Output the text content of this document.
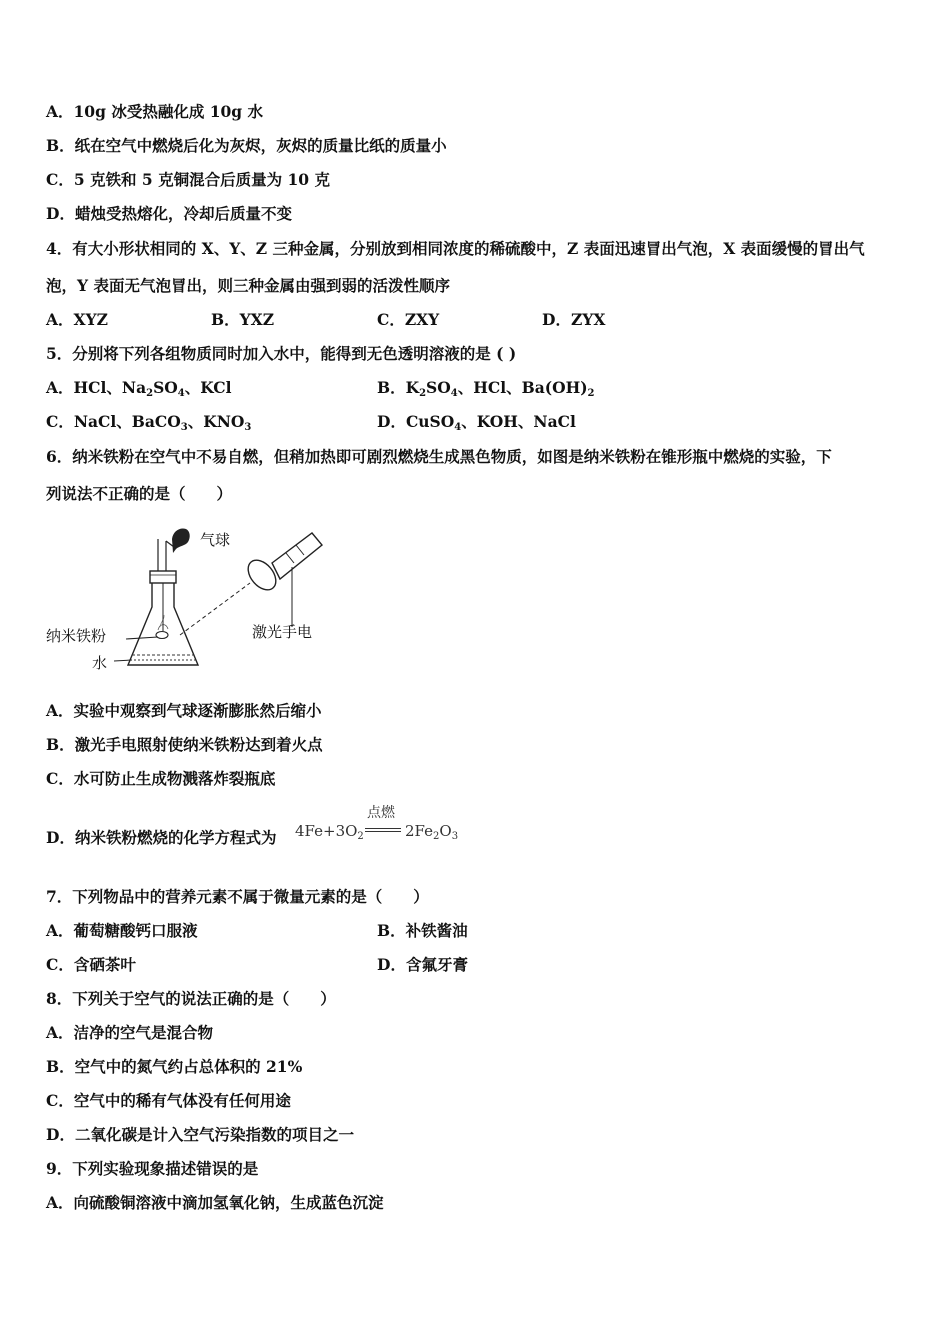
A．10g 冰受热融化成 10g 水
B．纸在空气中燃烧后化为灰烬，灰烬的质量比纸的质量小
C．5 克铁和 5 克铜混合后质量为 10 克
D．蜡烛受热熔化，冷却后质量不变
4．有大小形状相同的 X、Y、Z 三种金属，分别放到相同浓度的稀硫酸中，Z 表面迅速冒出气泡，X 表面缓慢的冒出气
泡，Y 表面无气泡冒出，则三种金属由强到弱的活泼性顺序
A．XYZ	B．YXZ	C．ZXY	D．ZYX
5．分别将下列各组物质同时加入水中，能得到无色透明溶液的是 ( )
A．HCl、$Na_2SO_4$、KCl	B．$K_2SO_4$、HCl、$Ba(OH)_2$
C．NaCl、BaCO$_3$、$KNO_3$	D．CuSO$_4$、KOH、NaCl
6．纳米铁粉在空气中不易自燃，但稍加热即可剧烈燃烧生成黑色物质，如图是纳米铁粉在锥形瓶中燃烧的实验，下
列说法不正确的是（　　）
气球
纳米铁粉
水
激光手电
A．实验中观察到气球逐渐膨胀然后缩小
B．激光手电照射使纳米铁粉达到着火点
C．水可防止生成物溅落炸裂瓶底
D．纳米铁粉燃烧的化学方程式为 $4Fe+3O_2$
点燃
$2Fe_2O_3$
7．下列物品中的营养元素不属于微量元素的是（　　）
A．葡萄糖酸钙口服液	B．补铁酱油
C．含硒茶叶	D．含氟牙膏
8．下列关于空气的说法正确的是（　　）
A．洁净的空气是混合物
B．空气中的氮气约占总体积的 21%
C．空气中的稀有气体没有任何用途
D．二氧化碳是计入空气污染指数的项目之一
9．下列实验现象描述错误的是
A．向硫酸铜溶液中滴加氢氧化钠，生成蓝色沉淀
